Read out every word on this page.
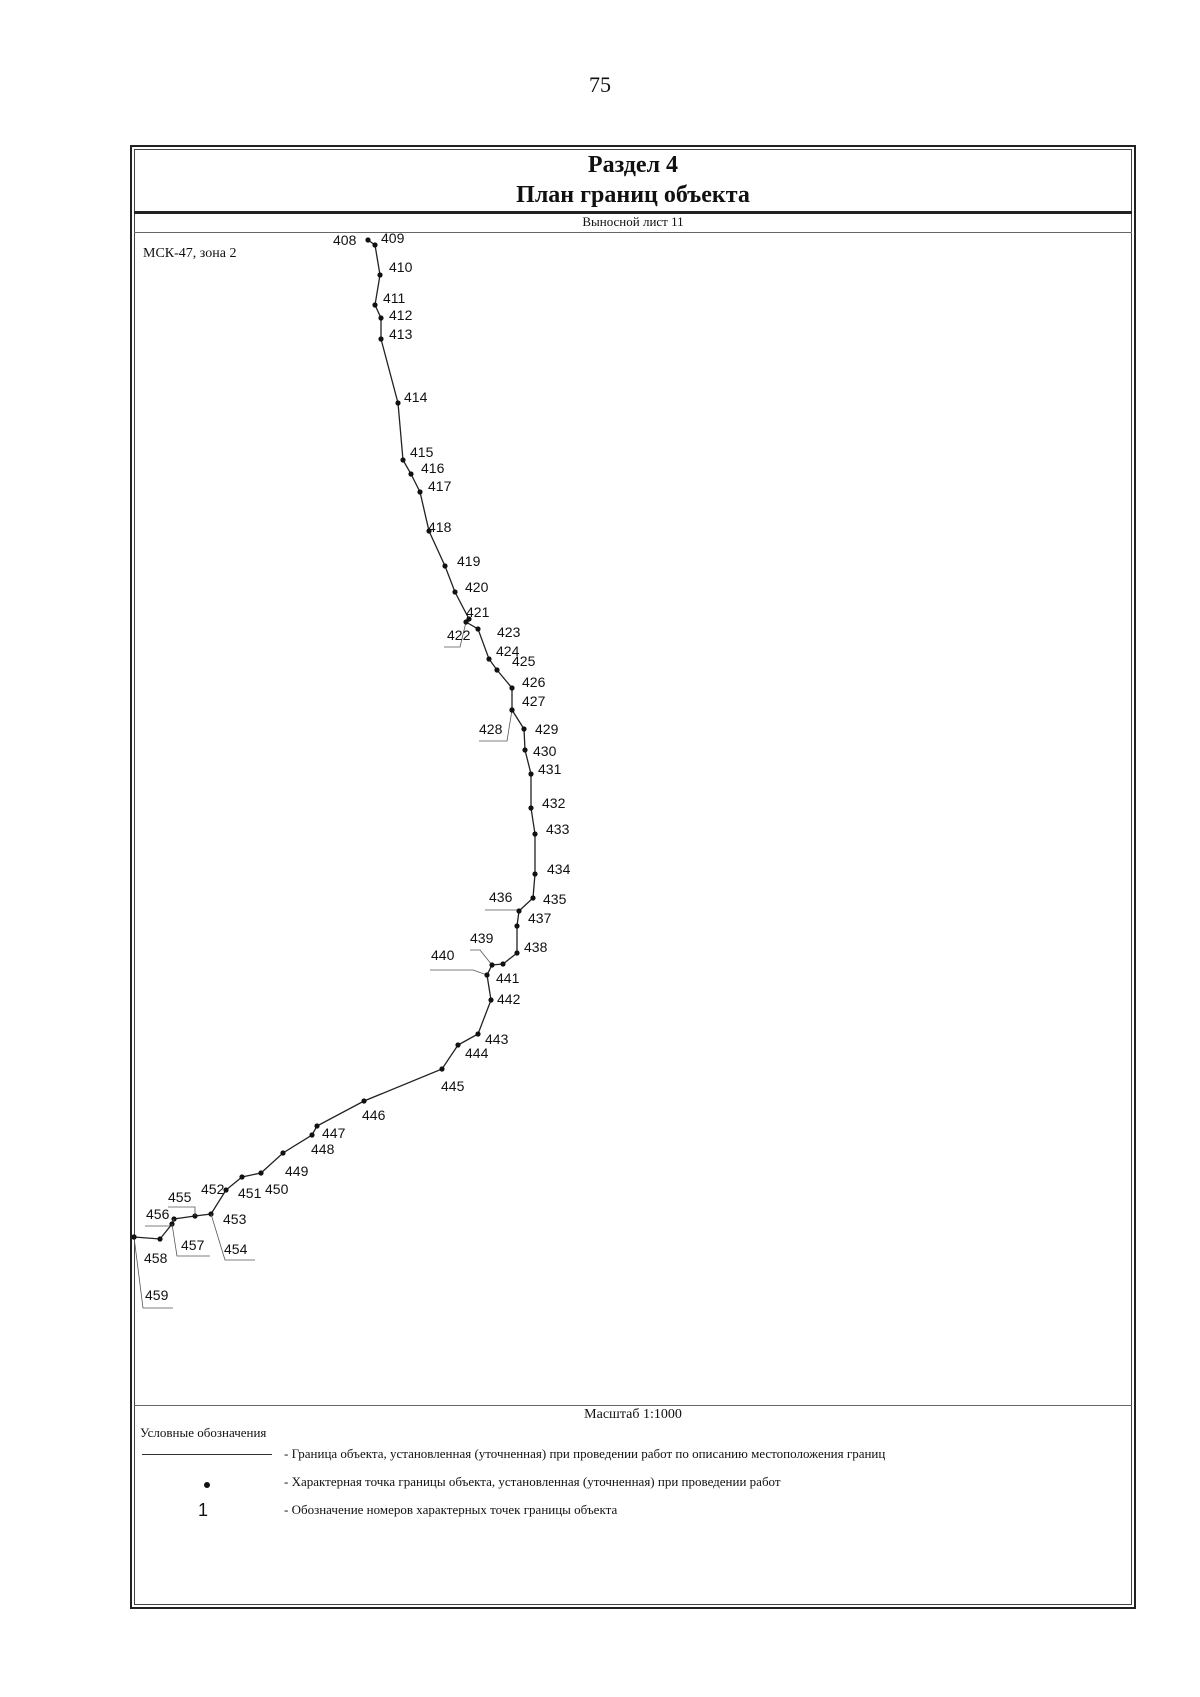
75
Раздел 4
План границ объекта
Выносной лист 11
МСК-47, зона 2
408 409
410
411
412
413
414
415
416
417
418
419
420
421
422 423
424
425
426
427
428 429
430
431
432
433
434
435
436
437
438
439
440
441
442
443
444
445
446
447
448
449
450
451
452
453
454
455
456
457
458
459
Масштаб 1:1000
Условные обозначения
- Граница объекта, установленная (уточненная) при проведении работ по описанию местоположения границ
- Характерная точка границы объекта, установленная (уточненная) при проведении работ
1	- Обозначение номеров характерных точек границы объекта
